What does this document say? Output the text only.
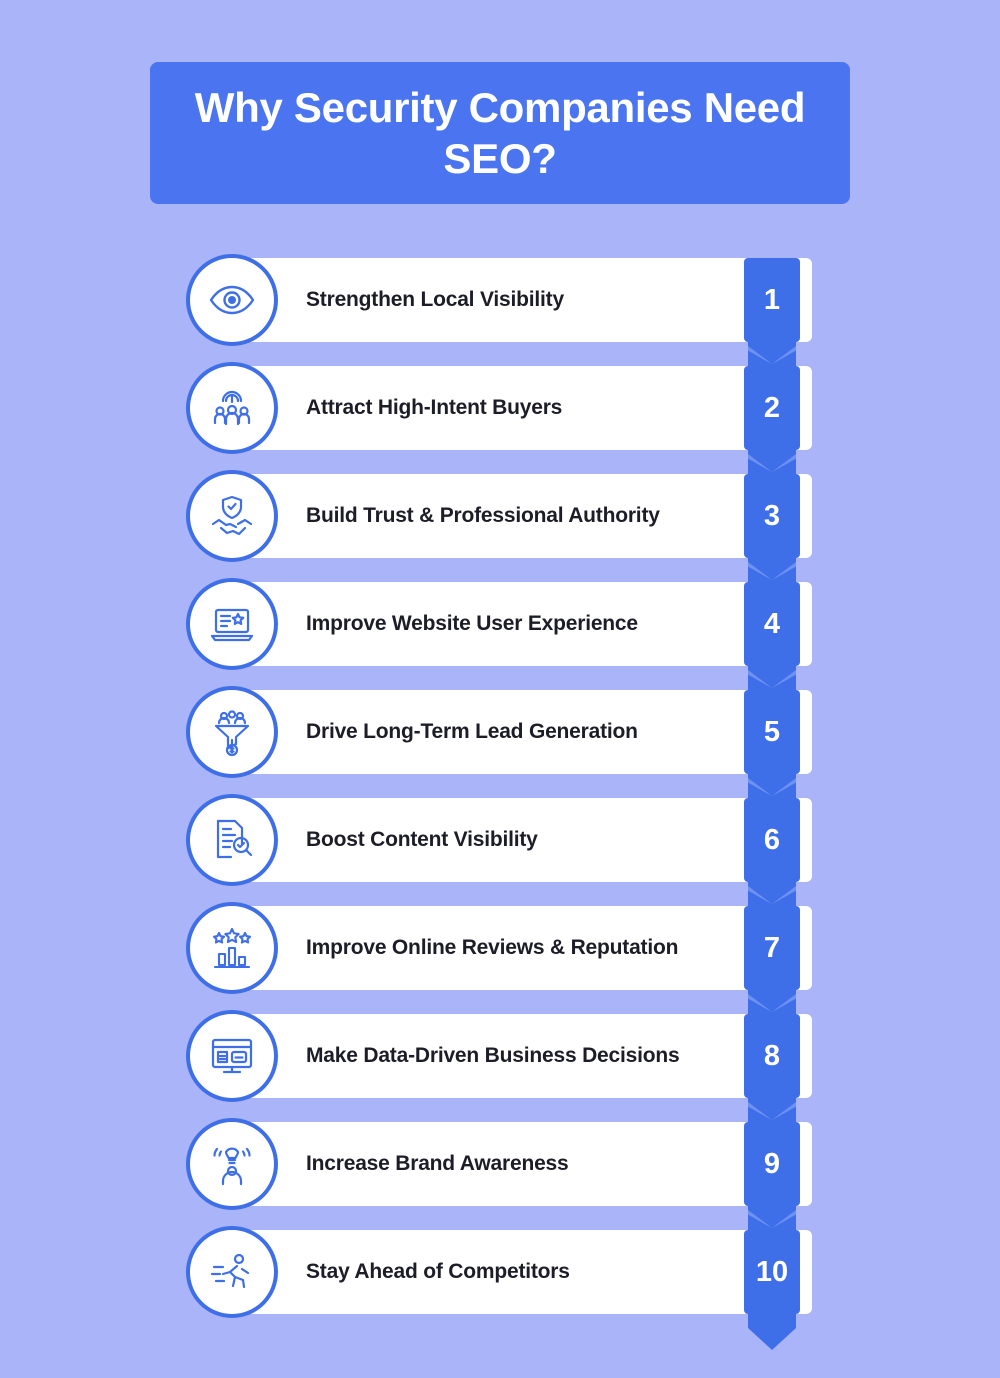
Why Security Companies Need SEO?
Strengthen Local Visibility	1
Attract High-Intent Buyers	2
Build Trust & Professional Authority	3
Improve Website User Experience	4
Drive Long-Term Lead Generation	5
Boost Content Visibility	6
Improve Online Reviews & Reputation	7
Make Data-Driven Business Decisions	8
Increase Brand Awareness	9
Stay Ahead of Competitors	10
